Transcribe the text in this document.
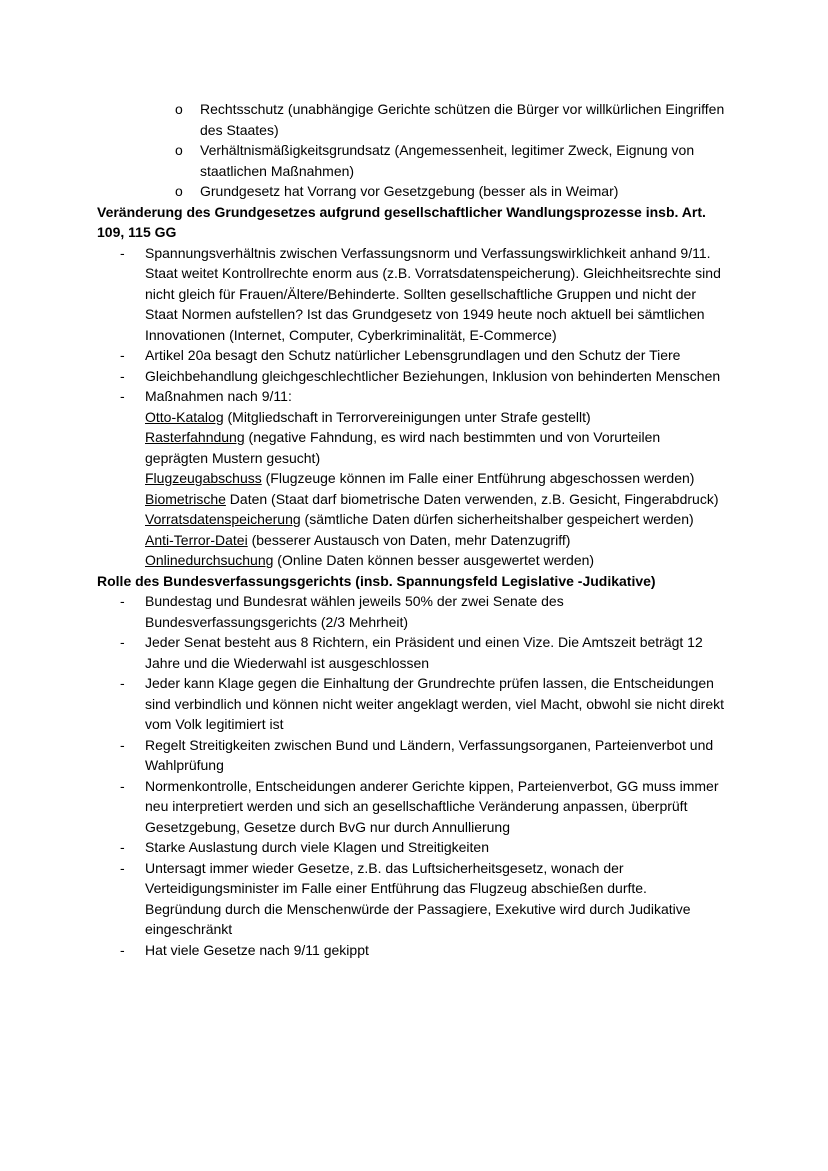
o	Rechtsschutz (unabhängige Gerichte schützen die Bürger vor willkürlichen Eingriffen des Staates)
o	Verhältnismäßigkeitsgrundsatz (Angemessenheit, legitimer Zweck, Eignung von staatlichen Maßnahmen)
o	Grundgesetz hat Vorrang vor Gesetzgebung (besser als in Weimar)
Veränderung des Grundgesetzes aufgrund gesellschaftlicher Wandlungsprozesse insb. Art. 109, 115 GG
-	Spannungsverhältnis zwischen Verfassungsnorm und Verfassungswirklichkeit anhand 9/11. Staat weitet Kontrollrechte enorm aus (z.B. Vorratsdatenspeicherung). Gleichheitsrechte sind nicht gleich für Frauen/Ältere/Behinderte. Sollten gesellschaftliche Gruppen und nicht der Staat Normen aufstellen? Ist das Grundgesetz von 1949 heute noch aktuell bei sämtlichen Innovationen (Internet, Computer, Cyberkriminalität, E-Commerce)
-	Artikel 20a besagt den Schutz natürlicher Lebensgrundlagen und den Schutz der Tiere
-	Gleichbehandlung gleichgeschlechtlicher Beziehungen, Inklusion von behinderten Menschen
-	Maßnahmen nach 9/11:
Otto-Katalog (Mitgliedschaft in Terrorvereinigungen unter Strafe gestellt)
Rasterfahndung (negative Fahndung, es wird nach bestimmten und von Vorurteilen geprägten Mustern gesucht)
Flugzeugabschuss (Flugzeuge können im Falle einer Entführung abgeschossen werden)
Biometrische Daten (Staat darf biometrische Daten verwenden, z.B. Gesicht, Fingerabdruck)
Vorratsdatenspeicherung (sämtliche Daten dürfen sicherheitshalber gespeichert werden)
Anti-Terror-Datei (besserer Austausch von Daten, mehr Datenzugriff)
Onlinedurchsuchung (Online Daten können besser ausgewertet werden)
Rolle des Bundesverfassungsgerichts (insb. Spannungsfeld Legislative -Judikative)
-	Bundestag und Bundesrat wählen jeweils 50% der zwei Senate des Bundesverfassungsgerichts (2/3 Mehrheit)
-	Jeder Senat besteht aus 8 Richtern, ein Präsident und einen Vize. Die Amtszeit beträgt 12 Jahre und die Wiederwahl ist ausgeschlossen
-	Jeder kann Klage gegen die Einhaltung der Grundrechte prüfen lassen, die Entscheidungen sind verbindlich und können nicht weiter angeklagt werden, viel Macht, obwohl sie nicht direkt vom Volk legitimiert ist
-	Regelt Streitigkeiten zwischen Bund und Ländern, Verfassungsorganen, Parteienverbot und Wahlprüfung
-	Normenkontrolle, Entscheidungen anderer Gerichte kippen, Parteienverbot, GG muss immer neu interpretiert werden und sich an gesellschaftliche Veränderung anpassen, überprüft Gesetzgebung, Gesetze durch BvG nur durch Annullierung
-	Starke Auslastung durch viele Klagen und Streitigkeiten
-	Untersagt immer wieder Gesetze, z.B. das Luftsicherheitsgesetz, wonach der Verteidigungsminister im Falle einer Entführung das Flugzeug abschießen durfte. Begründung durch die Menschenwürde der Passagiere, Exekutive wird durch Judikative eingeschränkt
-	Hat viele Gesetze nach 9/11 gekippt
